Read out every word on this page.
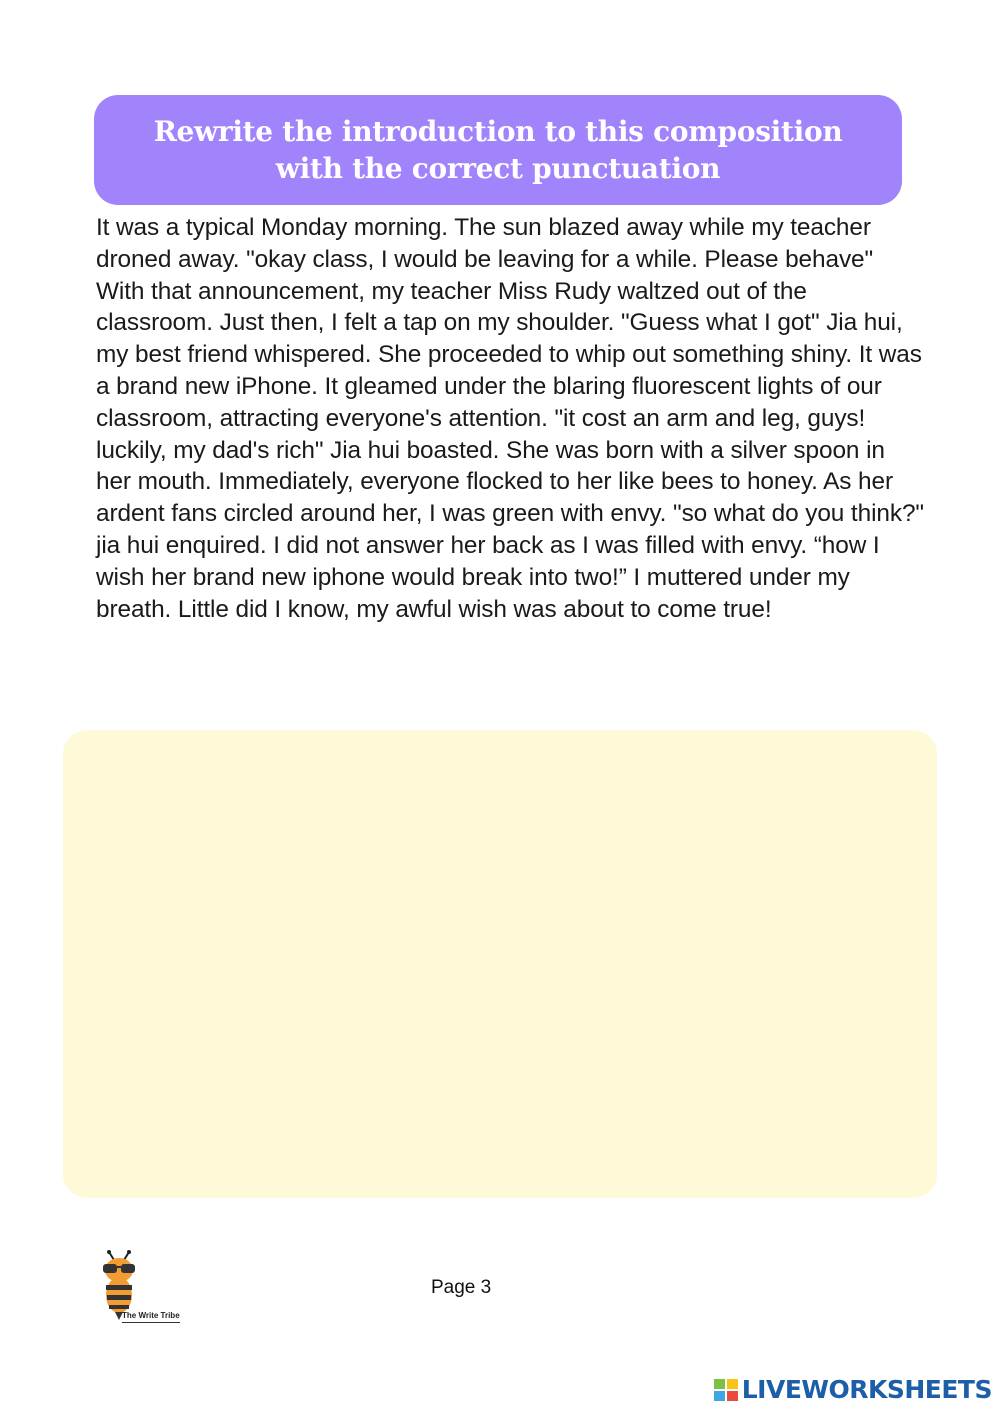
Rewrite the introduction to this composition with the correct punctuation

It was a typical Monday morning. The sun blazed away while my teacher droned away. "okay class, I would be leaving for a while. Please behave" With that announcement, my teacher Miss Rudy waltzed out of the classroom. Just then, I felt a tap on my shoulder. "Guess what I got" Jia hui, my best friend whispered. She proceeded to whip out something shiny. It was a brand new iPhone. It gleamed under the blaring fluorescent lights of our classroom, attracting everyone's attention. "it cost an arm and leg, guys! luckily, my dad's rich" Jia hui boasted. She was born with a silver spoon in her mouth. Immediately, everyone flocked to her like bees to honey. As her ardent fans circled around her, I was green with envy. "so what do you think?" jia hui enquired. I did not answer her back as I was filled with envy. “how I wish her brand new iphone would break into two!” I muttered under my breath. Little did I know, my awful wish was about to come true!

The Write Tribe
Page 3
LIVEWORKSHEETS
